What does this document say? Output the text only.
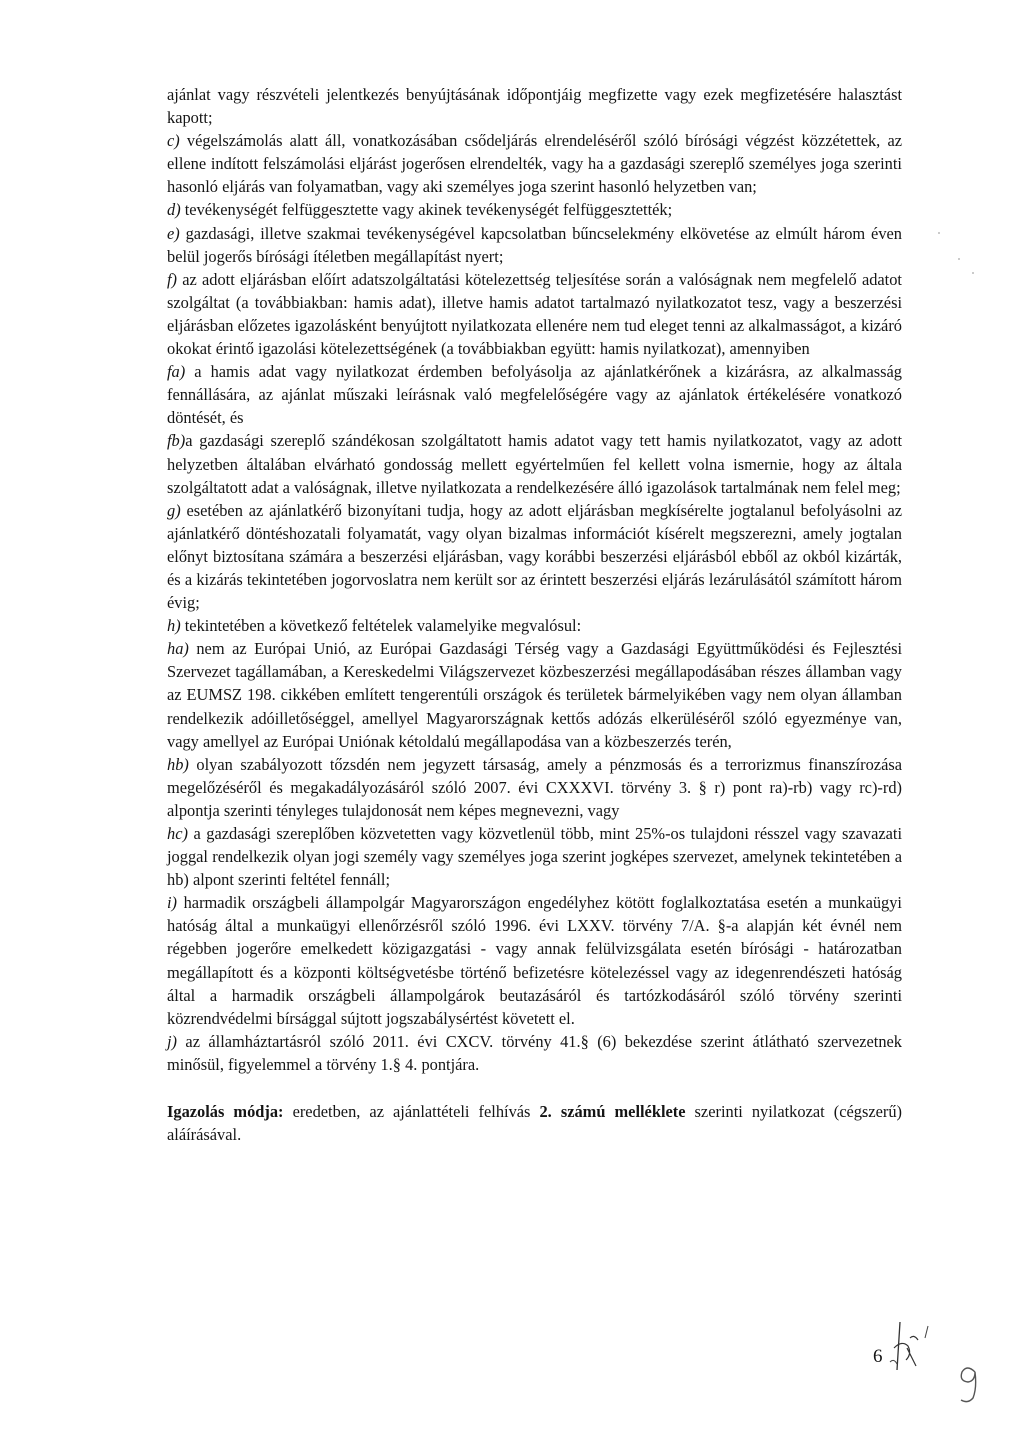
ajánlat vagy részvételi jelentkezés benyújtásának időpontjáig megfizette vagy ezek megfizetésére halasztást kapott;

c) végelszámolás alatt áll, vonatkozásában csődeljárás elrendeléséről szóló bírósági végzést közzétettek, az ellene indított felszámolási eljárást jogerősen elrendelték, vagy ha a gazdasági szereplő személyes joga szerinti hasonló eljárás van folyamatban, vagy aki személyes joga szerint hasonló helyzetben van;

d) tevékenységét felfüggesztette vagy akinek tevékenységét felfüggesztették;

e) gazdasági, illetve szakmai tevékenységével kapcsolatban bűncselekmény elkövetése az elmúlt három éven belül jogerős bírósági ítéletben megállapítást nyert;

f) az adott eljárásban előírt adatszolgáltatási kötelezettség teljesítése során a valóságnak nem megfelelő adatot szolgáltat (a továbbiakban: hamis adat), illetve hamis adatot tartalmazó nyilatkozatot tesz, vagy a beszerzési eljárásban előzetes igazolásként benyújtott nyilatkozata ellenére nem tud eleget tenni az alkalmasságot, a kizáró okokat érintő igazolási kötelezettségének (a továbbiakban együtt: hamis nyilatkozat), amennyiben

fa) a hamis adat vagy nyilatkozat érdemben befolyásolja az ajánlatkérőnek a kizárásra, az alkalmasság fennállására, az ajánlat műszaki leírásnak való megfelelőségére vagy az ajánlatok értékelésére vonatkozó döntését, és

fb)a gazdasági szereplő szándékosan szolgáltatott hamis adatot vagy tett hamis nyilatkozatot, vagy az adott helyzetben általában elvárható gondosság mellett egyértelműen fel kellett volna ismernie, hogy az általa szolgáltatott adat a valóságnak, illetve nyilatkozata a rendelkezésére álló igazolások tartalmának nem felel meg;

g) esetében az ajánlatkérő bizonyítani tudja, hogy az adott eljárásban megkísérelte jogtalanul befolyásolni az ajánlatkérő döntéshozatali folyamatát, vagy olyan bizalmas információt kísérelt megszerezni, amely jogtalan előnyt biztosítana számára a beszerzési eljárásban, vagy korábbi beszerzési eljárásból ebből az okból kizárták, és a kizárás tekintetében jogorvoslatra nem került sor az érintett beszerzési eljárás lezárulásától számított három évig;

h) tekintetében a következő feltételek valamelyike megvalósul:

ha) nem az Európai Unió, az Európai Gazdasági Térség vagy a Gazdasági Együttműködési és Fejlesztési Szervezet tagállamában, a Kereskedelmi Világszervezet közbeszerzési megállapodásában részes államban vagy az EUMSZ 198. cikkében említett tengerentúli országok és területek bármelyikében vagy nem olyan államban rendelkezik adóilletőséggel, amellyel Magyarországnak kettős adózás elkerüléséről szóló egyezménye van, vagy amellyel az Európai Uniónak kétoldalú megállapodása van a közbeszerzés terén,

hb) olyan szabályozott tőzsdén nem jegyzett társaság, amely a pénzmosás és a terrorizmus finanszírozása megelőzéséről és megakadályozásáról szóló 2007. évi CXXXVI. törvény 3. § r) pont ra)-rb) vagy rc)-rd) alpontja szerinti tényleges tulajdonosát nem képes megnevezni, vagy

hc) a gazdasági szereplőben közvetetten vagy közvetlenül több, mint 25%-os tulajdoni résszel vagy szavazati joggal rendelkezik olyan jogi személy vagy személyes joga szerint jogképes szervezet, amelynek tekintetében a hb) alpont szerinti feltétel fennáll;

i) harmadik országbeli állampolgár Magyarországon engedélyhez kötött foglalkoztatása esetén a munkaügyi hatóság által a munkaügyi ellenőrzésről szóló 1996. évi LXXV. törvény 7/A. §-a alapján két évnél nem régebben jogerőre emelkedett közigazgatási - vagy annak felülvizsgálata esetén bírósági - határozatban megállapított és a központi költségvetésbe történő befizetésre kötelezéssel vagy az idegenrendészeti hatóság által a harmadik országbeli állampolgárok beutazásáról és tartózkodásáról szóló törvény szerinti közrendvédelmi bírsággal sújtott jogszabálysértést követett el.

j) az államháztartásról szóló 2011. évi CXCV. törvény 41.§ (6) bekezdése szerint átlátható szervezetnek minősül, figyelemmel a törvény 1.§ 4. pontjára.

Igazolás módja: eredetben, az ajánlattételi felhívás 2. számú melléklete szerinti nyilatkozat (cégszerű) aláírásával.

6	9
